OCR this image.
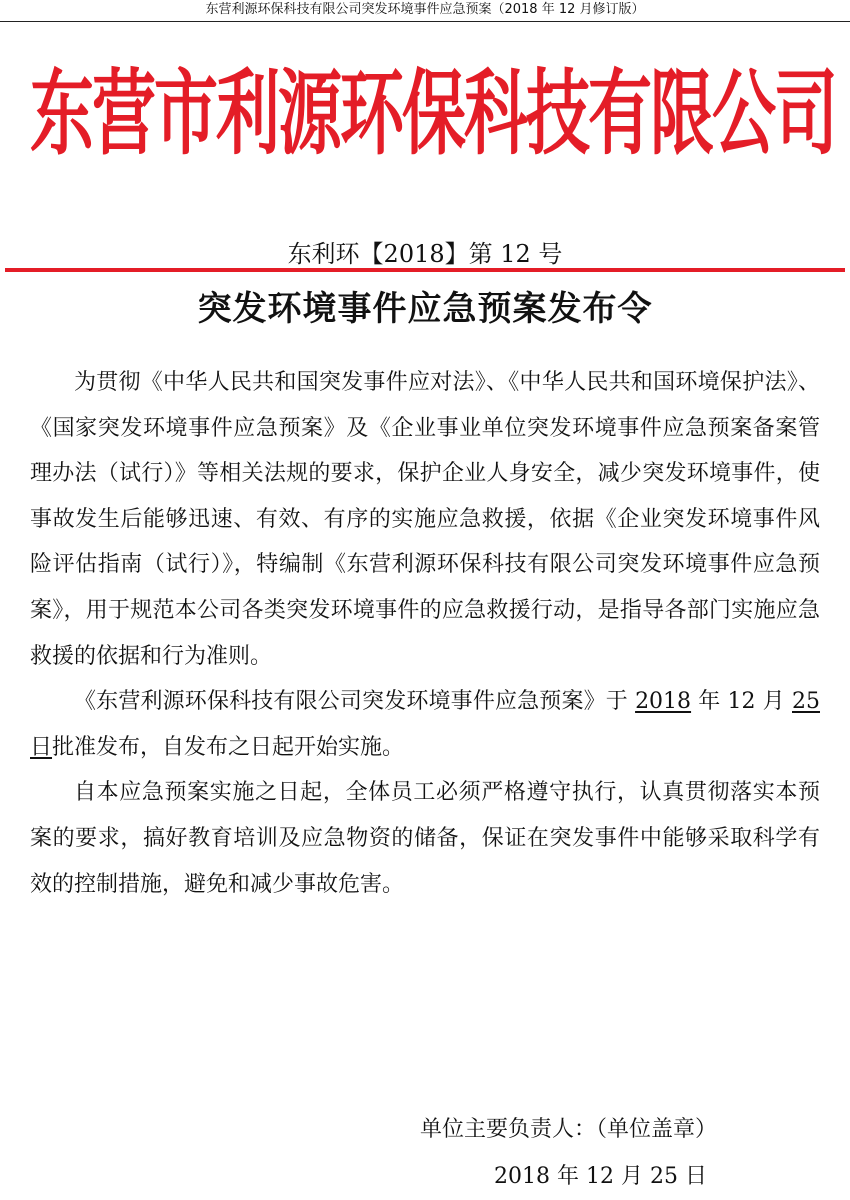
东营利源环保科技有限公司突发环境事件应急预案（2018 年 12 月修订版）
东营市利源环保科技有限公司
东利环【2018】第 12 号
突发环境事件应急预案发布令

为贯彻《中华人民共和国突发事件应对法》、《中华人民共和国环境保护法》、《国家突发环境事件应急预案》及《企业事业单位突发环境事件应急预案备案管理办法（试行）》等相关法规的要求，保护企业人身安全，减少突发环境事件，使事故发生后能够迅速、有效、有序的实施应急救援，依据《企业突发环境事件风险评估指南（试行）》，特编制《东营利源环保科技有限公司突发环境事件应急预案》，用于规范本公司各类突发环境事件的应急救援行动，是指导各部门实施应急救援的依据和行为准则。

《东营利源环保科技有限公司突发环境事件应急预案》于 2018 年 12 月 25 日批准发布，自发布之日起开始实施。

自本应急预案实施之日起，全体员工必须严格遵守执行，认真贯彻落实本预案的要求，搞好教育培训及应急物资的储备，保证在突发事件中能够采取科学有效的控制措施，避免和减少事故危害。

单位主要负责人：（单位盖章）
2018 年 12 月 25 日
